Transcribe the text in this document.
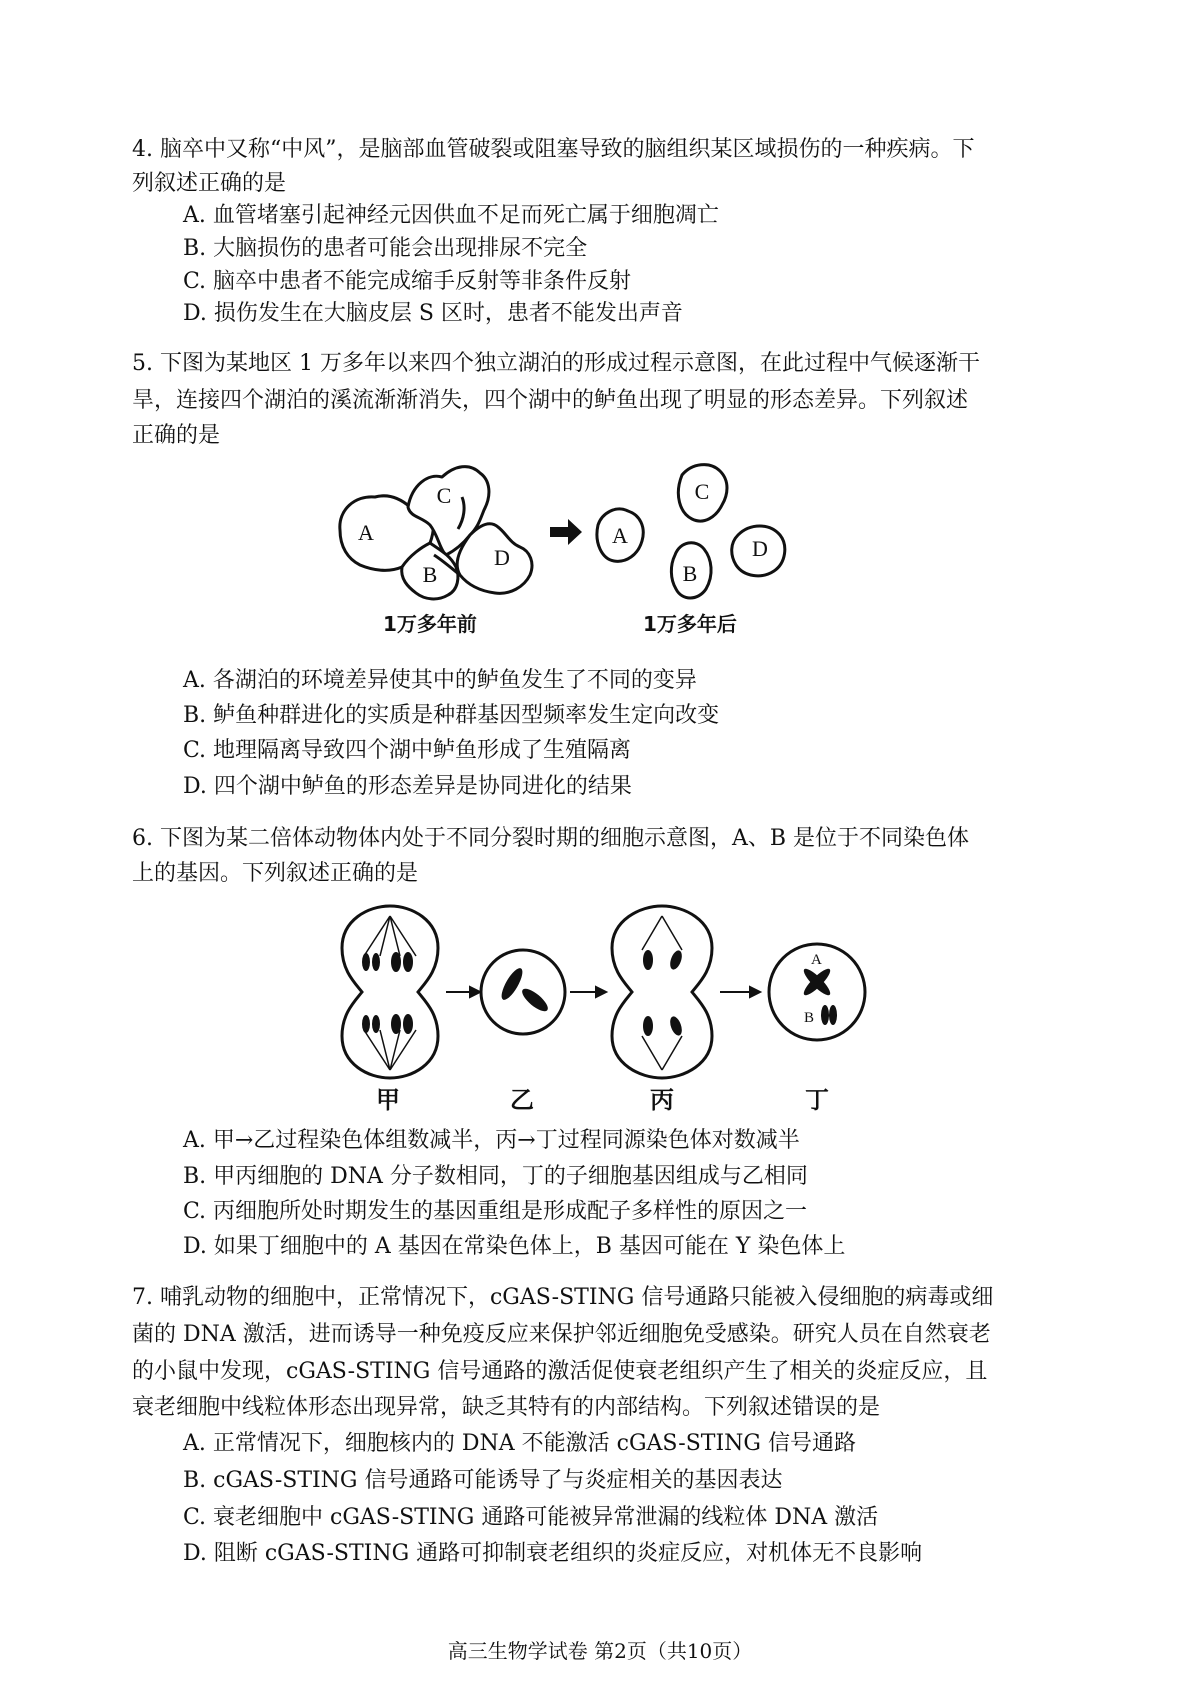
4. 脑卒中又称“中风”，是脑部血管破裂或阻塞导致的脑组织某区域损伤的一种疾病。下
列叙述正确的是
A. 血管堵塞引起神经元因供血不足而死亡属于细胞凋亡
B. 大脑损伤的患者可能会出现排尿不完全
C. 脑卒中患者不能完成缩手反射等非条件反射
D. 损伤发生在大脑皮层 S 区时，患者不能发出声音
5. 下图为某地区 1 万多年以来四个独立湖泊的形成过程示意图，在此过程中气候逐渐干
旱，连接四个湖泊的溪流渐渐消失，四个湖中的鲈鱼出现了明显的形态差异。下列叙述
正确的是
A
C
B
D
A
C
B
D
1万多年前	1万多年后
A. 各湖泊的环境差异使其中的鲈鱼发生了不同的变异
B. 鲈鱼种群进化的实质是种群基因型频率发生定向改变
C. 地理隔离导致四个湖中鲈鱼形成了生殖隔离
D. 四个湖中鲈鱼的形态差异是协同进化的结果
6. 下图为某二倍体动物体内处于不同分裂时期的细胞示意图，A、B 是位于不同染色体
上的基因。下列叙述正确的是
A
B
甲	乙	丙	丁
A. 甲→乙过程染色体组数减半，丙→丁过程同源染色体对数减半
B. 甲丙细胞的 DNA 分子数相同，丁的子细胞基因组成与乙相同
C. 丙细胞所处时期发生的基因重组是形成配子多样性的原因之一
D. 如果丁细胞中的 A 基因在常染色体上，B 基因可能在 Y 染色体上
7. 哺乳动物的细胞中，正常情况下，cGAS-STING 信号通路只能被入侵细胞的病毒或细
菌的 DNA 激活，进而诱导一种免疫反应来保护邻近细胞免受感染。研究人员在自然衰老
的小鼠中发现，cGAS-STING 信号通路的激活促使衰老组织产生了相关的炎症反应，且
衰老细胞中线粒体形态出现异常，缺乏其特有的内部结构。下列叙述错误的是
A. 正常情况下，细胞核内的 DNA 不能激活 cGAS-STING 信号通路
B. cGAS-STING 信号通路可能诱导了与炎症相关的基因表达
C. 衰老细胞中 cGAS-STING 通路可能被异常泄漏的线粒体 DNA 激活
D. 阻断 cGAS-STING 通路可抑制衰老组织的炎症反应，对机体无不良影响
高三生物学试卷 第2页（共10页）
